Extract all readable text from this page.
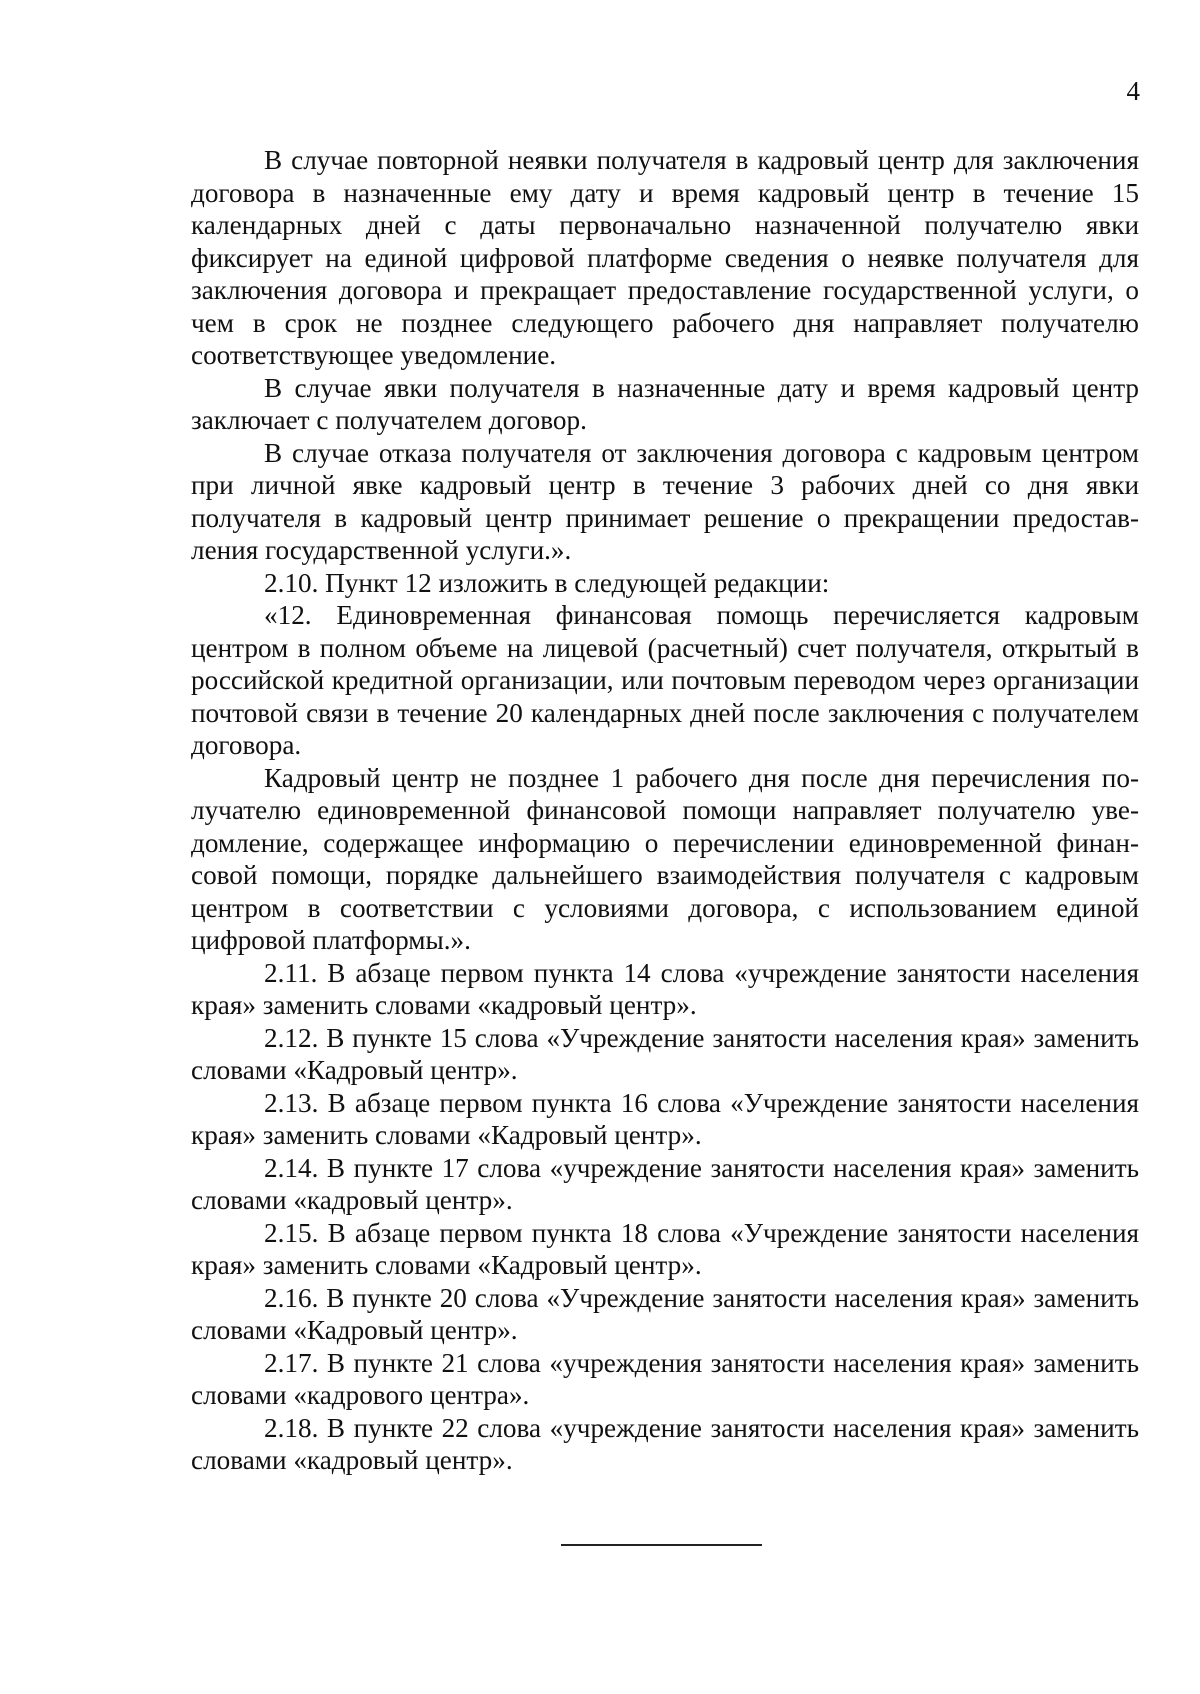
4

В случае повторной неявки получателя в кадровый центр для заключения договора в назначенные ему дату и время кадровый центр в течение 15 календарных дней с даты первоначально назначенной получателю явки фиксирует на единой цифровой платформе сведения о неявке получателя для заключения договора и прекращает предоставление государственной услуги, о чем в срок не позднее следующего рабочего дня направляет получателю соответствующее уведомление.

В случае явки получателя в назначенные дату и время кадровый центр заключает с получателем договор.

В случае отказа получателя от заключения договора с кадровым центром при личной явке кадровый центр в течение 3 рабочих дней со дня явки получателя в кадровый центр принимает решение о прекращении предоставления государственной услуги.».

2.10. Пункт 12 изложить в следующей редакции:

«12. Единовременная финансовая помощь перечисляется кадровым центром в полном объеме на лицевой (расчетный) счет получателя, открытый в российской кредитной организации, или почтовым переводом через организации почтовой связи в течение 20 календарных дней после заключения с получателем договора.

Кадровый центр не позднее 1 рабочего дня после дня перечисления получателю единовременной финансовой помощи направляет получателю уведомление, содержащее информацию о перечислении единовременной финансовой помощи, порядке дальнейшего взаимодействия получателя с кадровым центром в соответствии с условиями договора, с использованием единой цифровой платформы.».

2.11. В абзаце первом пункта 14 слова «учреждение занятости населения края» заменить словами «кадровый центр».

2.12. В пункте 15 слова «Учреждение занятости населения края» заменить словами «Кадровый центр».

2.13. В абзаце первом пункта 16 слова «Учреждение занятости населения края» заменить словами «Кадровый центр».

2.14. В пункте 17 слова «учреждение занятости населения края» заменить словами «кадровый центр».

2.15. В абзаце первом пункта 18 слова «Учреждение занятости населения края» заменить словами «Кадровый центр».

2.16. В пункте 20 слова «Учреждение занятости населения края» заменить словами «Кадровый центр».

2.17. В пункте 21 слова «учреждения занятости населения края» заменить словами «кадрового центра».

2.18. В пункте 22 слова «учреждение занятости населения края» заменить словами «кадровый центр».
